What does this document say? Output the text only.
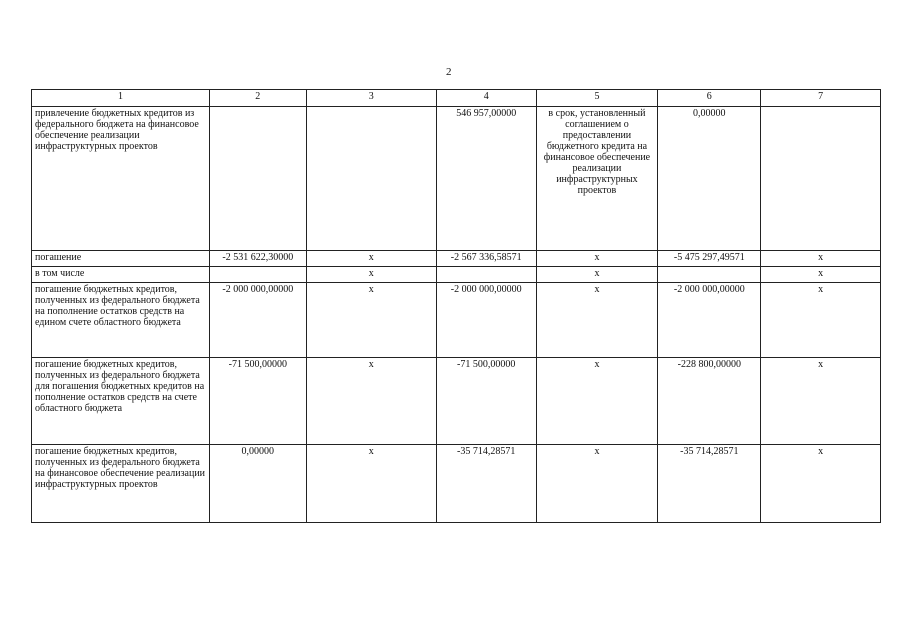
2
1	2	3	4	5	6	7
привлечение бюджетных кредитов из федерального бюджета на финансовое обеспечение реализации инфраструктурных проектов			546 957,00000	в срок, установленный соглашением о предоставлении бюджетного кредита на финансовое обеспечение реализации инфраструктурных проектов	0,00000	
погашение	-2 531 622,30000	х	-2 567 336,58571	х	-5 475 297,49571	х
в том числе		х		х		х
погашение бюджетных кредитов, полученных из федерального бюджета на пополнение остатков средств на едином счете областного бюджета	-2 000 000,00000	х	-2 000 000,00000	х	-2 000 000,00000	х
погашение бюджетных кредитов, полученных из федерального бюджета для погашения бюджетных кредитов на пополнение остатков средств на счете областного бюджета	-71 500,00000	х	-71 500,00000	х	-228 800,00000	х
погашение бюджетных кредитов, полученных из федерального бюджета на финансовое обеспечение реализации инфраструктурных проектов	0,00000	х	-35 714,28571	х	-35 714,28571	х
